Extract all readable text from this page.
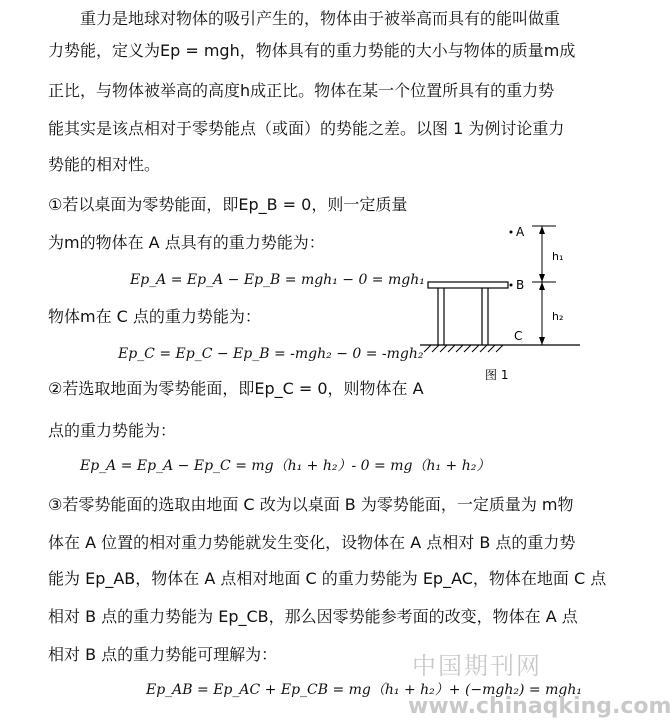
重力是地球对物体的吸引产生的，物体由于被举高而具有的能叫做重
力势能，定义为Ep = mgh，物体具有的重力势能的大小与物体的质量m成
正比，与物体被举高的高度h成正比。物体在某一个位置所具有的重力势
能其实是该点相对于零势能点（或面）的势能之差。以图 1 为例讨论重力
势能的相对性。
①若以桌面为零势能面，即Ep_B = 0，则一定质量
为m的物体在 A 点具有的重力势能为：
Ep_A = Ep_A − Ep_B = mgh₁ − 0 = mgh₁
物体m在 C 点的重力势能为：
Ep_C = Ep_C − Ep_B = -mgh₂ − 0 = -mgh₂
②若选取地面为零势能面，即Ep_C = 0，则物体在 A
点的重力势能为：
Ep_A = Ep_A − Ep_C = mg（h₁ + h₂）- 0 = mg（h₁ + h₂）
③若零势能面的选取由地面 C 改为以桌面 B 为零势能面，一定质量为 m物
体在 A 位置的相对重力势能就发生变化，设物体在 A 点相对 B 点的重力势
能为 Ep_AB，物体在 A 点相对地面 C 的重力势能为 Ep_AC，物体在地面 C 点
相对 B 点的重力势能为 Ep_CB，那么因零势能参考面的改变，物体在 A 点
相对 B 点的重力势能可理解为：
Ep_AB = Ep_AC + Ep_CB = mg（h₁ + h₂）+ (−mgh₂) = mgh₁
A
B
C
h₁
h₂
图 1
中国期刊网
www.chinaqking.com
